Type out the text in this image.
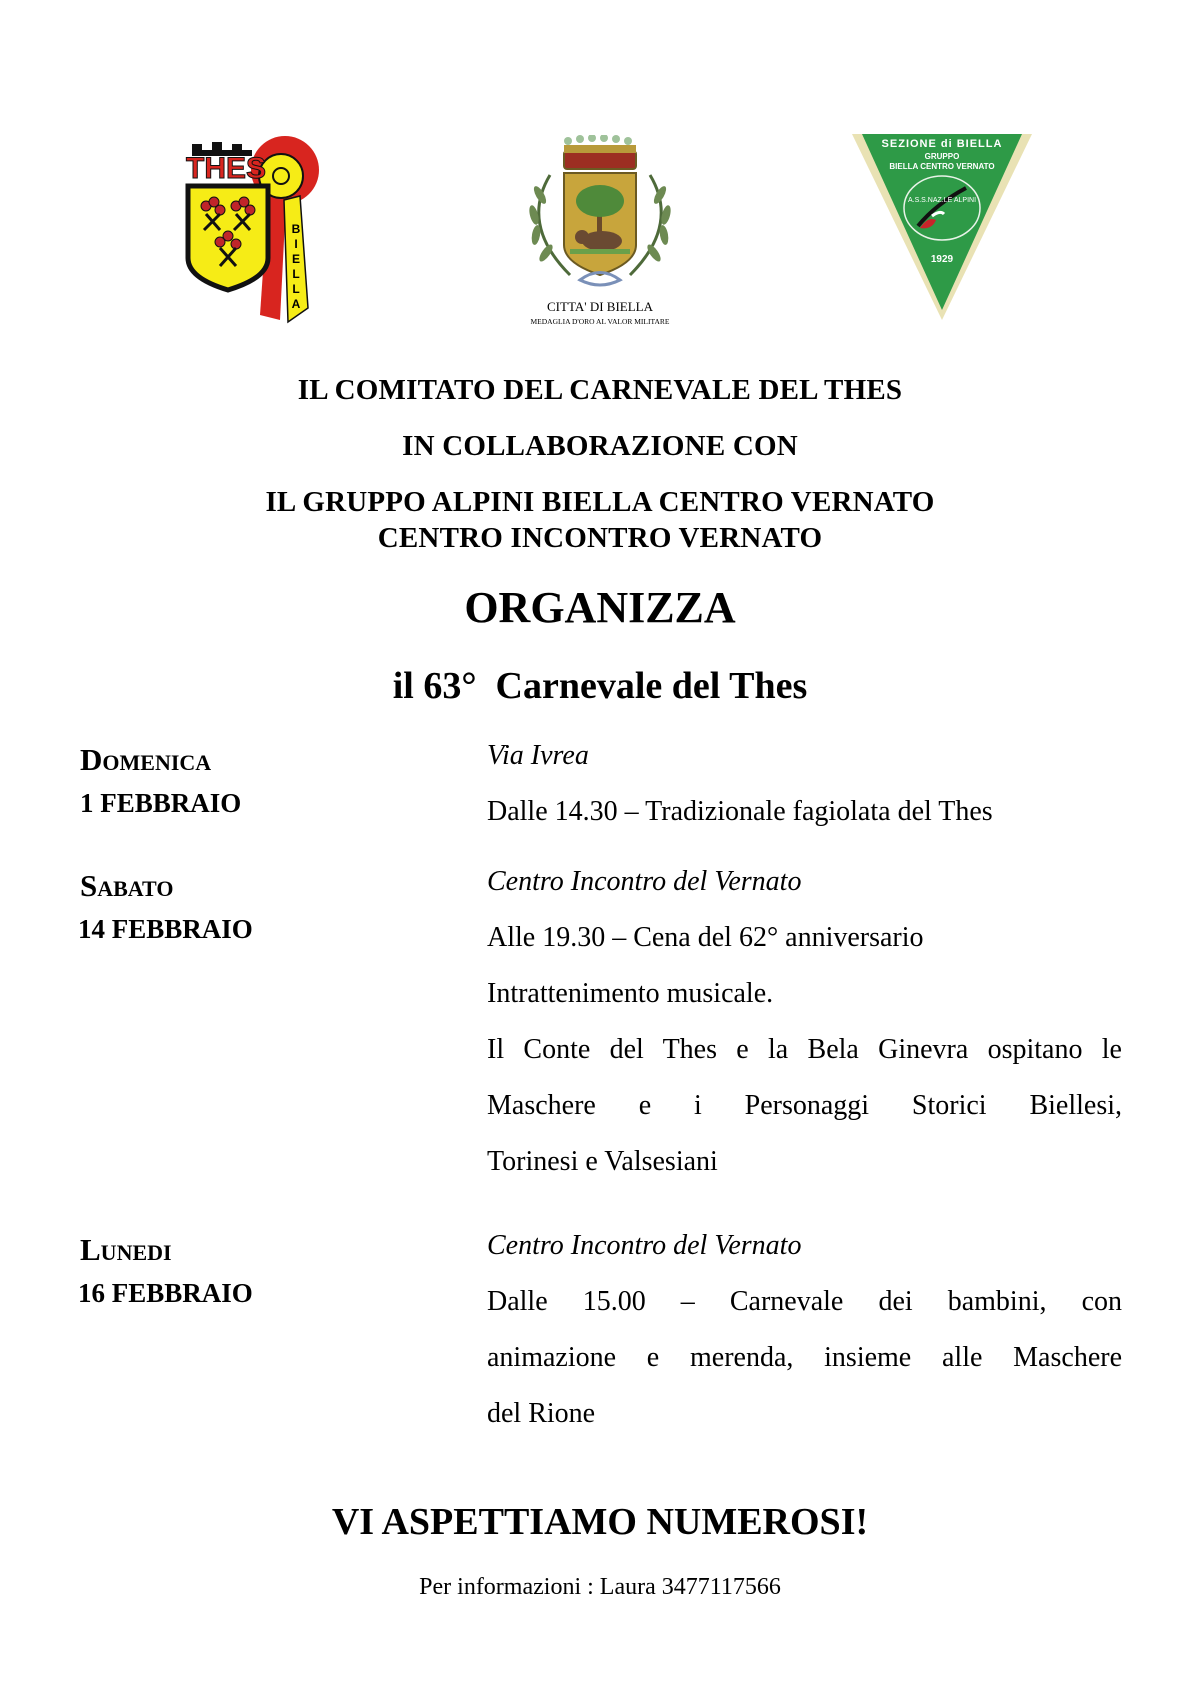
THES
BIELLA	CITTA' DI BIELLA
MEDAGLIA D'ORO AL VALOR MILITARE
SEZIONE di BIELLA
GRUPPO
BIELLA CENTRO VERNATO
A.S.S.NAZ.LE ALPINI
1929
IL COMITATO DEL CARNEVALE DEL THES
IN COLLABORAZIONE CON
IL GRUPPO ALPINI BIELLA CENTRO VERNATO
CENTRO INCONTRO VERNATO
ORGANIZZA
il 63°  Carnevale del Thes
Domenica
1 FEBBRAIO
Via Ivrea
Dalle 14.30 – Tradizionale fagiolata del Thes
Sabato
14 FEBBRAIO
Centro Incontro del Vernato
Alle 19.30 – Cena del 62° anniversario
Intrattenimento musicale.
Il Conte del Thes e la Bela Ginevra ospitano le
Maschere e i Personaggi Storici Biellesi,
Torinesi e Valsesiani
Lunedi
16 FEBBRAIO
Centro Incontro del Vernato
Dalle 15.00 – Carnevale dei bambini, con
animazione e merenda, insieme alle Maschere
del Rione
VI ASPETTIAMO NUMEROSI!
Per informazioni : Laura 3477117566
